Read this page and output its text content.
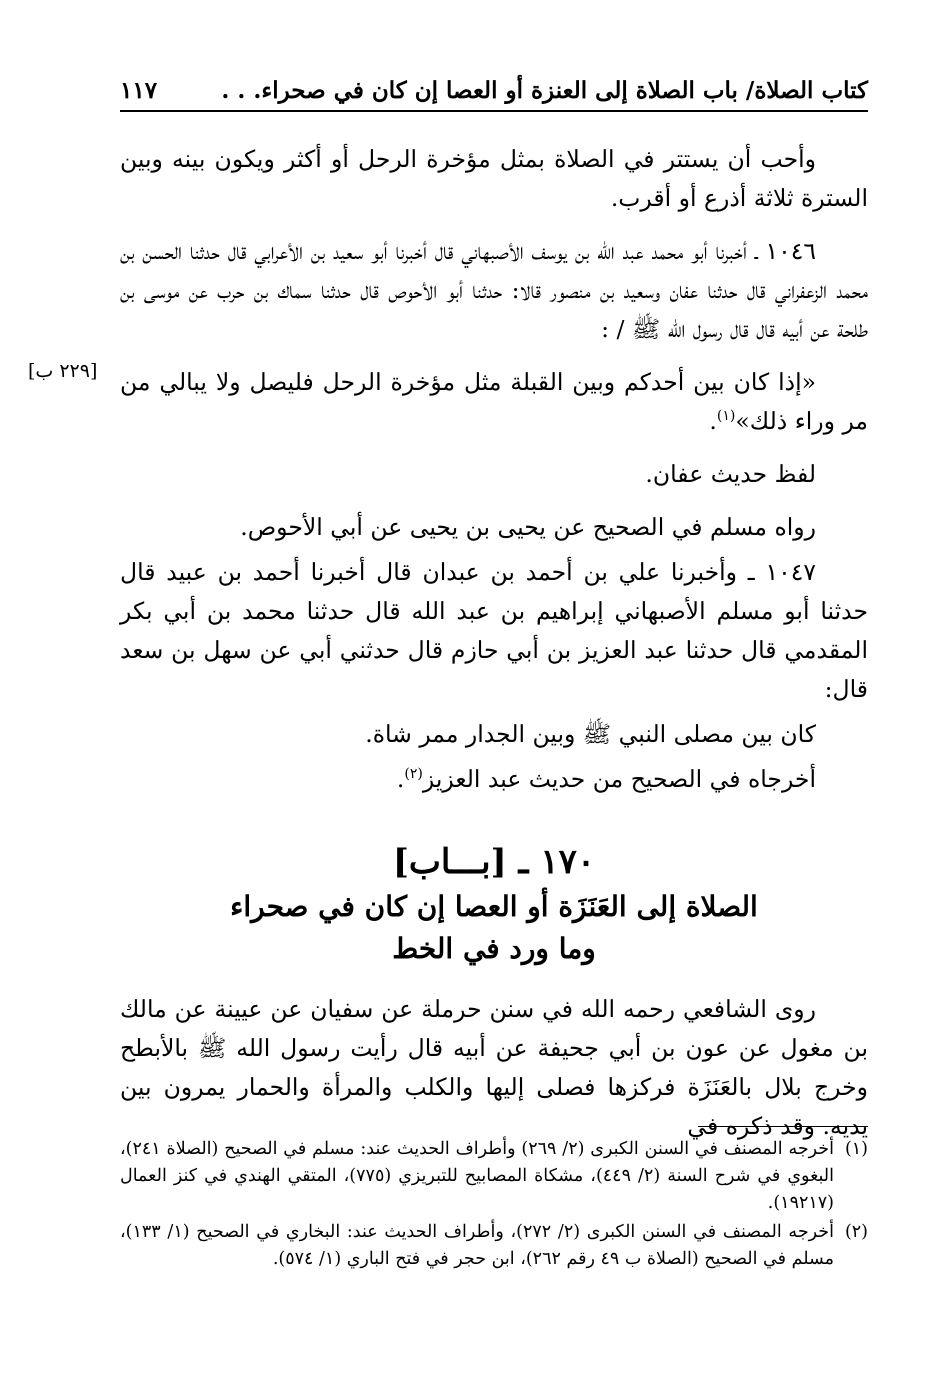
كتاب الصلاة/ باب الصلاة إلى العنزة أو العصا إن كان في صحراء. . .
١١٧
[٢٢٩ ب]

وأحب أن يستتر في الصلاة بمثل مؤخرة الرحل أو أكثر ويكون بينه وبين السترة ثلاثة أذرع أو أقرب.

١٠٤٦ ـ أخبرنا أبو محمد عبد الله بن يوسف الأصبهاني قال أخبرنا أبو سعيد بن الأعرابي قال حدثنا الحسن بن محمد الزعفراني قال حدثنا عفان وسعيد بن منصور قالا: حدثنا أبو الأحوص قال حدثنا سماك بن حرب عن موسى بن طلحة عن أبيه قال قال رسول الله ﷺ / :

«إذا كان بين أحدكم وبين القبلة مثل مؤخرة الرحل فليصل ولا يبالي من مر وراء ذلك»$^{(١)}$.

لفظ حديث عفان.

رواه مسلم في الصحيح عن يحيى بن يحيى عن أبي الأحوص.

١٠٤٧ ـ وأخبرنا علي بن أحمد بن عبدان قال أخبرنا أحمد بن عبيد قال حدثنا أبو مسلم الأصبهاني إبراهيم بن عبد الله قال حدثنا محمد بن أبي بكر المقدمي قال حدثنا عبد العزيز بن أبي حازم قال حدثني أبي عن سهل بن سعد قال:

كان بين مصلى النبي ﷺ وبين الجدار ممر شاة.

أخرجاه في الصحيح من حديث عبد العزيز$^{(٢)}$.

١٧٠ ـ [بـــاب]
الصلاة إلى العَنَزَة أو العصا إن كان في صحراء
وما ورد في الخط

روى الشافعي رحمه الله في سنن حرملة عن سفيان عن عيينة عن مالك بن مغول عن عون بن أبي جحيفة عن أبيه قال رأيت رسول الله ﷺ بالأبطح وخرج بلال بالعَنَزَة فركزها فصلى إليها والكلب والمرأة والحمار يمرون بين يديه. وقد ذكره في

(١)
أخرجه المصنف في السنن الكبرى (٢/ ٢٦٩) وأطراف الحديث عند: مسلم في الصحيح (الصلاة ٢٤١)، البغوي في شرح السنة (٢/ ٤٤٩)، مشكاة المصابيح للتبريزي (٧٧٥)، المتقي الهندي في كنز العمال (١٩٢١٧).
(٢)
أخرجه المصنف في السنن الكبرى (٢/ ٢٧٢)، وأطراف الحديث عند: البخاري في الصحيح (١/ ١٣٣)، مسلم في الصحيح (الصلاة ب ٤٩ رقم ٢٦٢)، ابن حجر في فتح الباري (١/ ٥٧٤).
